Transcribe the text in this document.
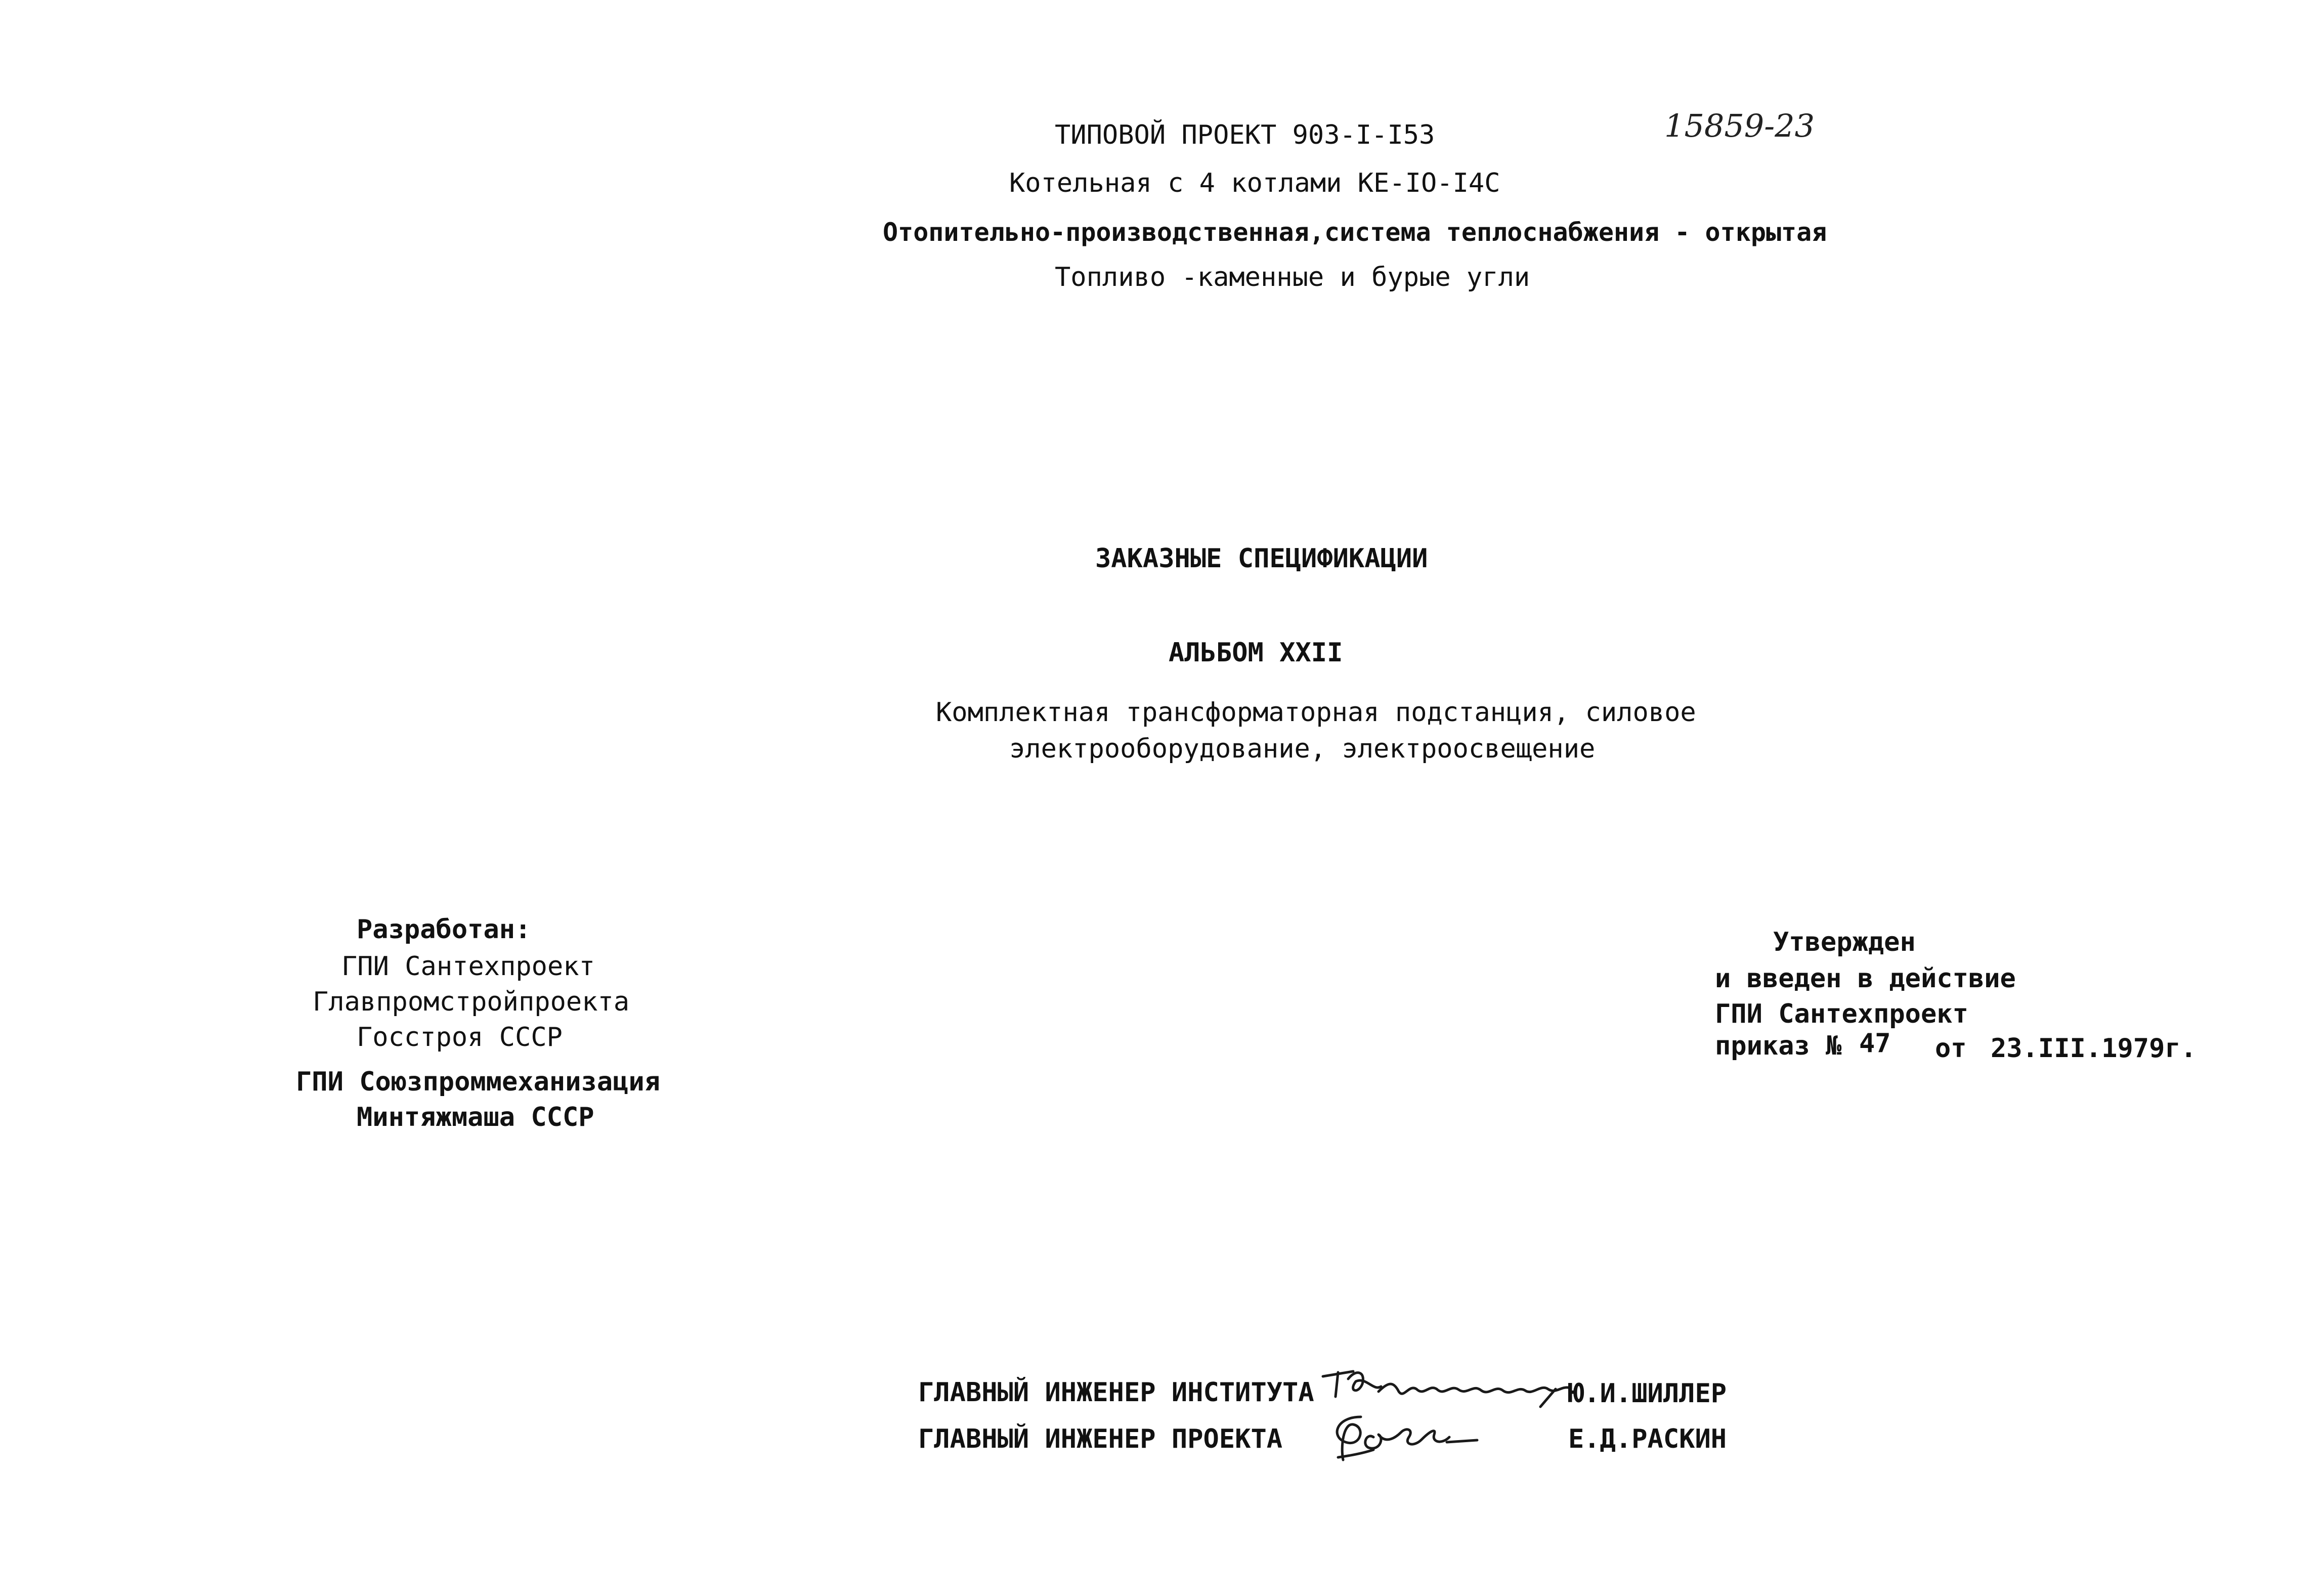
ТИПОВОЙ ПРОЕКТ 903-I-I53	15859-23
Котельная с 4 котлами КЕ-IO-I4С
Отопительно-производственная,система теплоснабжения - открытая
Топливо -каменные и бурые угли
ЗАКАЗНЫЕ СПЕЦИФИКАЦИИ
АЛЬБОМ XXII
Комплектная трансформаторная подстанция, силовое
электрооборудование, электроосвещение
Разработан:
ГПИ Сантехпроект
Главпромстройпроекта
Госстроя СССР
ГПИ Союзпроммеханизация
Минтяжмаша СССР
Утвержден
и введен в действие
ГПИ Сантехпроект
приказ № 47 от 23.III.1979г.
ГЛАВНЫЙ ИНЖЕНЕР ИНСТИТУТА	Ю.И.ШИЛЛЕР
ГЛАВНЫЙ ИНЖЕНЕР ПРОЕКТА	Е.Д.РАСКИН
